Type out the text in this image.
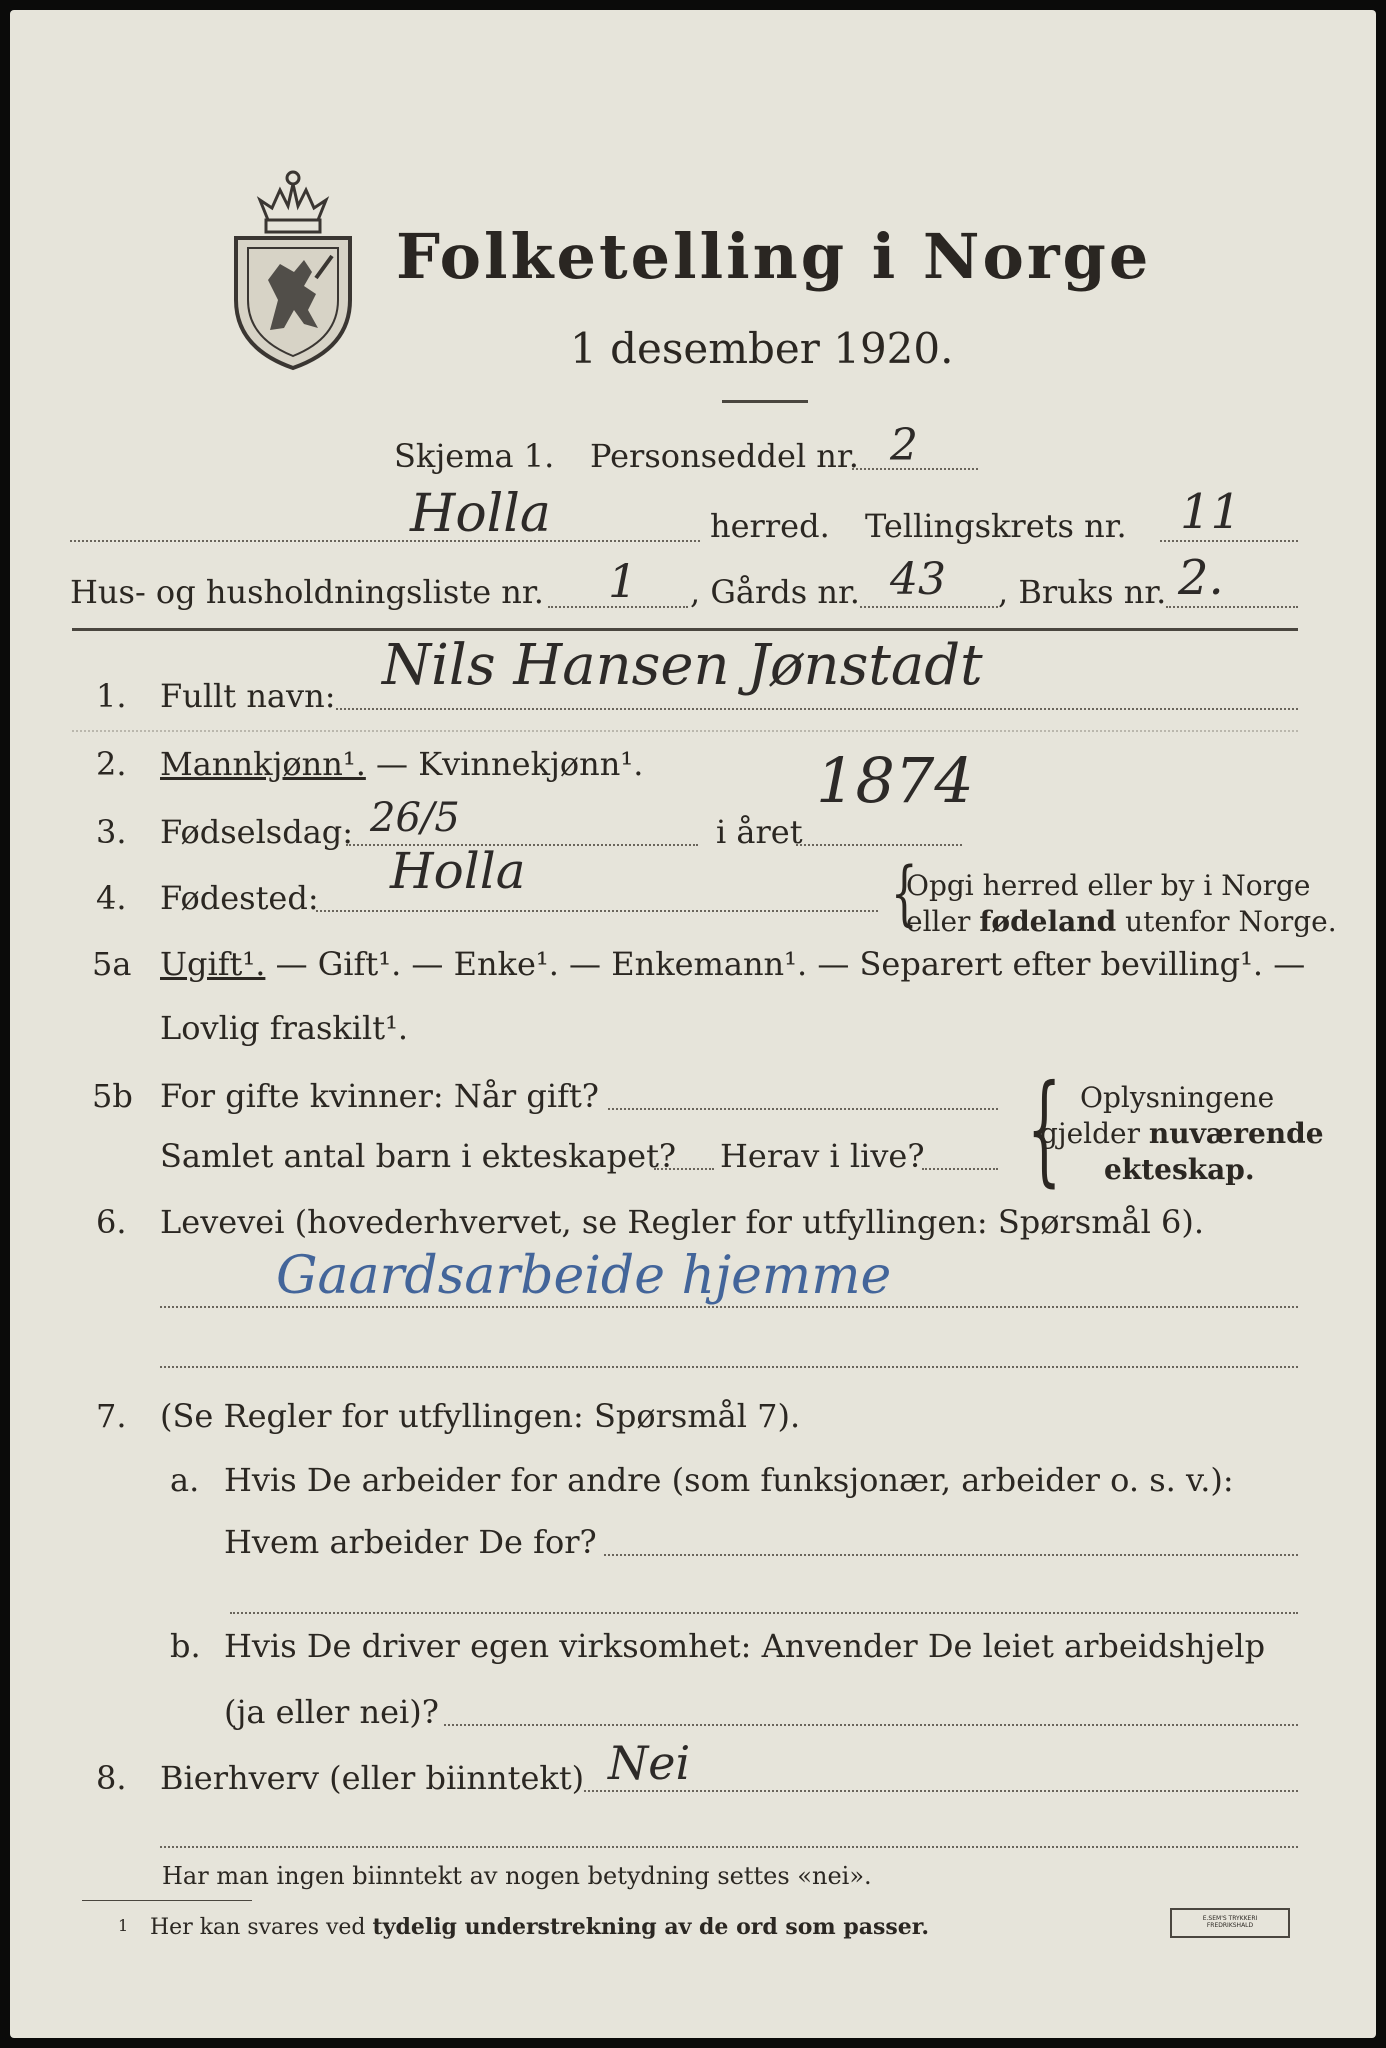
Folketelling i Norge
1 desember 1920.
Skjema 1. Personseddel nr. 2
Holla	herred. Tellingskrets nr. 11
Hus- og husholdningsliste nr. 1 , Gårds nr. 43 , Bruks nr. 2.
1. Fullt navn: Nils Hansen Jønstadt
2. Mannkjønn¹. — Kvinnekjønn¹.
3. Fødselsdag: 26/5	i året
1874
4. Fødested: Holla	{
Opgi herred eller by i Norge
eller fødeland utenfor Norge.
5a Ugift¹. — Gift¹. — Enke¹. — Enkemann¹. — Separert efter bevilling¹. —
Lovlig fraskilt¹.
5b For gifte kvinner: Når gift?
Samlet antal barn i ekteskapet? Herav i live? { Oplysningene
gjelder nuværende
ekteskap.
6. Levevei (hovederhvervet, se Regler for utfyllingen: Spørsmål 6).
Gaardsarbeide hjemme
7. (Se Regler for utfyllingen: Spørsmål 7).
a. Hvis De arbeider for andre (som funksjonær, arbeider o. s. v.):
Hvem arbeider De for?
b. Hvis De driver egen virksomhet: Anvender De leiet arbeidshjelp
(ja eller nei)?
8. Bierhverv (eller biinntekt) Nei
Har man ingen biinntekt av nogen betydning settes «nei».
1 Her kan svares ved tydelig understrekning av de ord som passer.	E.SEM'S TRYKKERI FREDRIKSHALD
